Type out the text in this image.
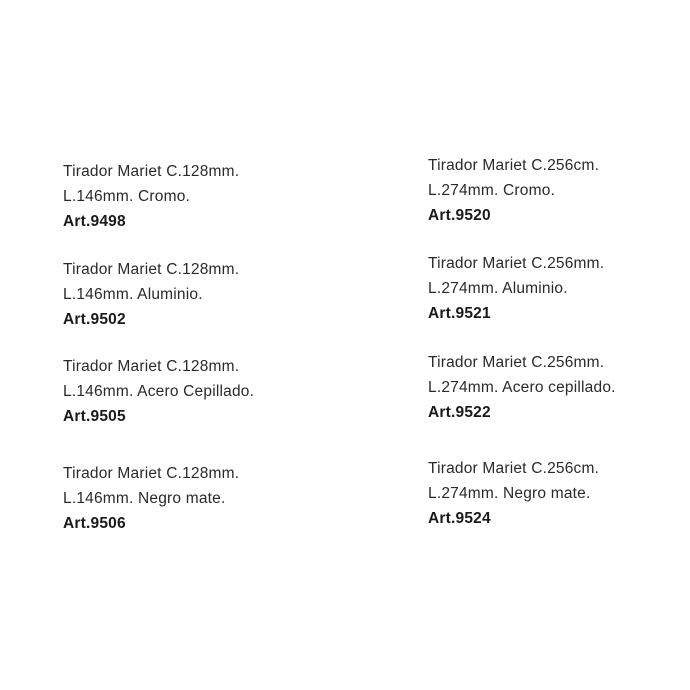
Tirador Mariet C.128mm.

L.146mm. Cromo.

Art.9498

Tirador Mariet C.128mm.

L.146mm. Aluminio.

Art.9502

Tirador Mariet C.128mm.

L.146mm. Acero Cepillado.

Art.9505

Tirador Mariet C.128mm.

L.146mm. Negro mate.

Art.9506

Tirador Mariet C.256cm.

L.274mm. Cromo.

Art.9520

Tirador Mariet C.256mm.

L.274mm. Aluminio.

Art.9521

Tirador Mariet C.256mm.

L.274mm. Acero cepillado.

Art.9522

Tirador Mariet C.256cm.

L.274mm. Negro mate.

Art.9524
